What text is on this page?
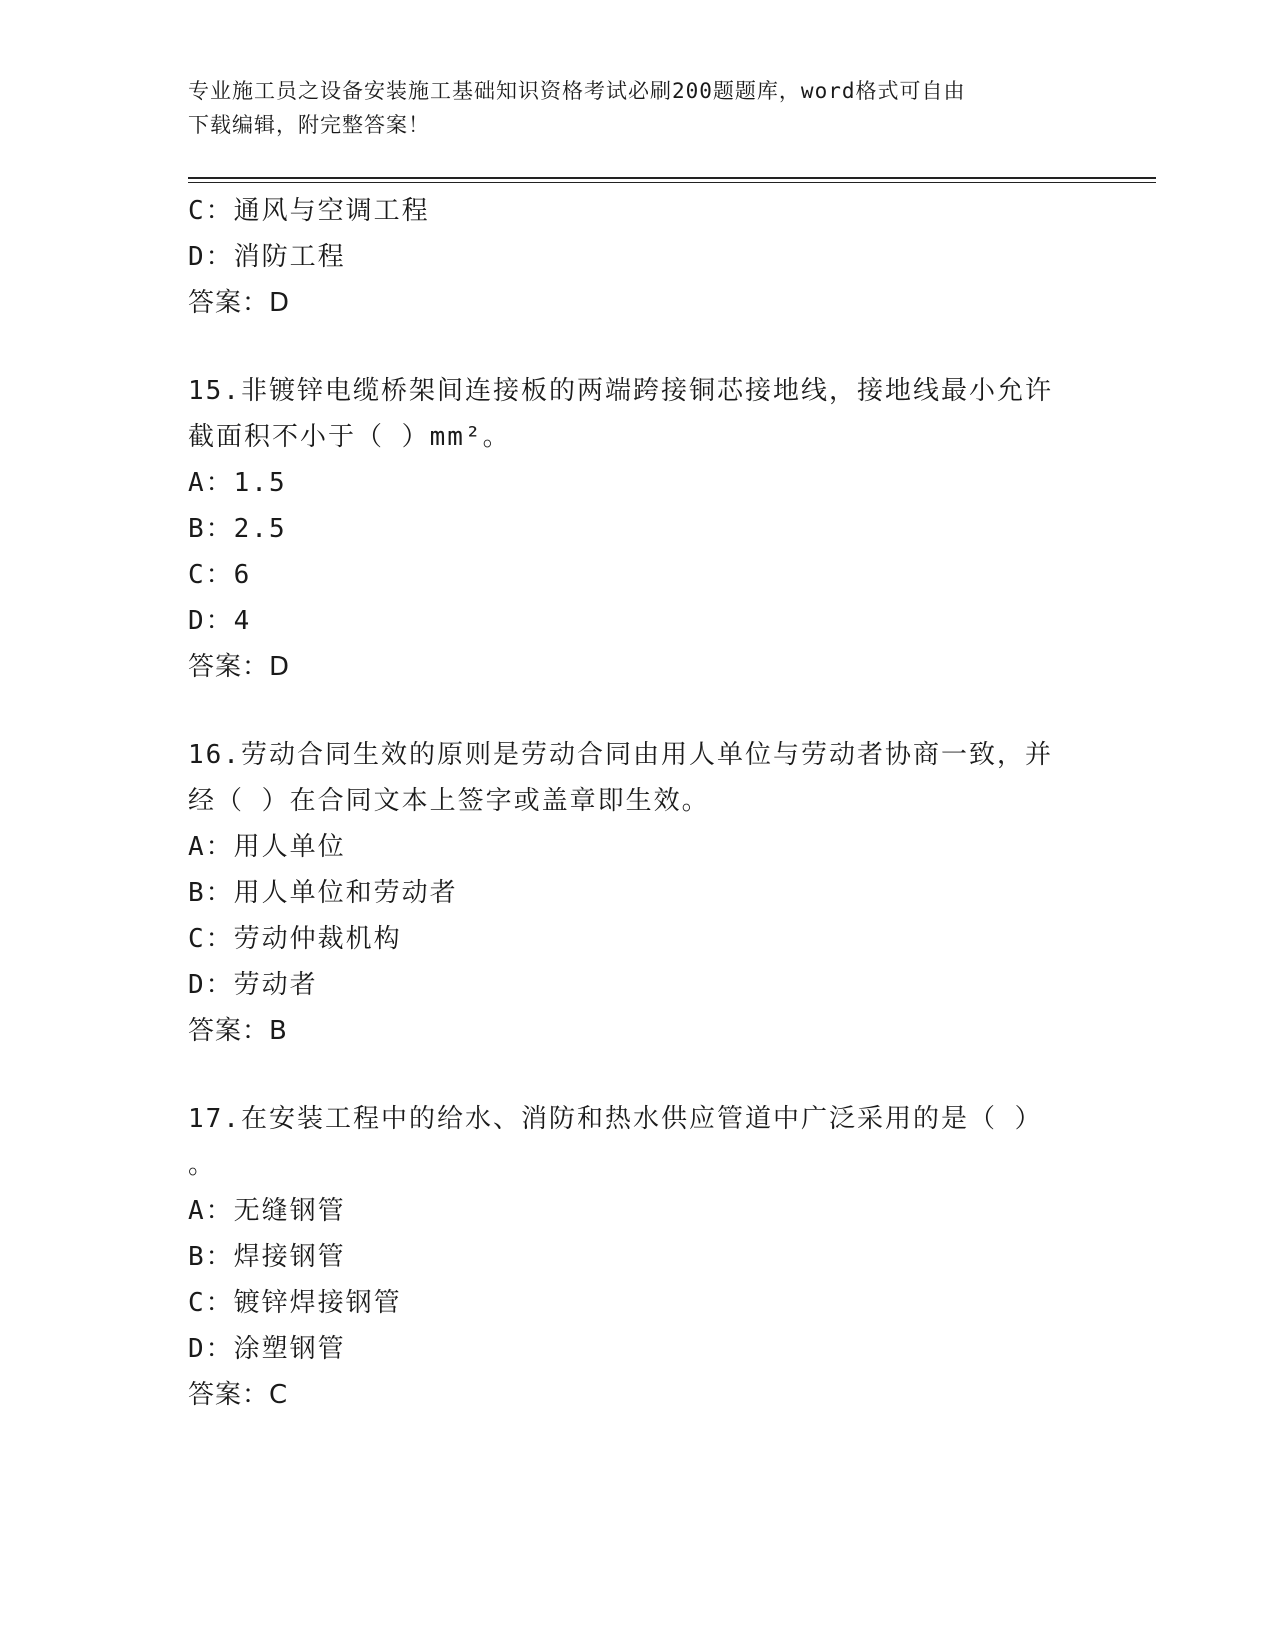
专业施工员之设备安装施工基础知识资格考试必刷200题题库，word格式可自由
下载编辑，附完整答案！
C：通风与空调工程
D：消防工程
答案：D
15.非镀锌电缆桥架间连接板的两端跨接铜芯接地线，接地线最小允许
截面积不小于（ ）mm²。
A：1.5
B：2.5
C：6
D：4
答案：D
16.劳动合同生效的原则是劳动合同由用人单位与劳动者协商一致，并
经（ ）在合同文本上签字或盖章即生效。
A：用人单位
B：用人单位和劳动者
C：劳动仲裁机构
D：劳动者
答案：B
17.在安装工程中的给水、消防和热水供应管道中广泛采用的是（ ）
。
A：无缝钢管
B：焊接钢管
C：镀锌焊接钢管
D：涂塑钢管
答案：C
